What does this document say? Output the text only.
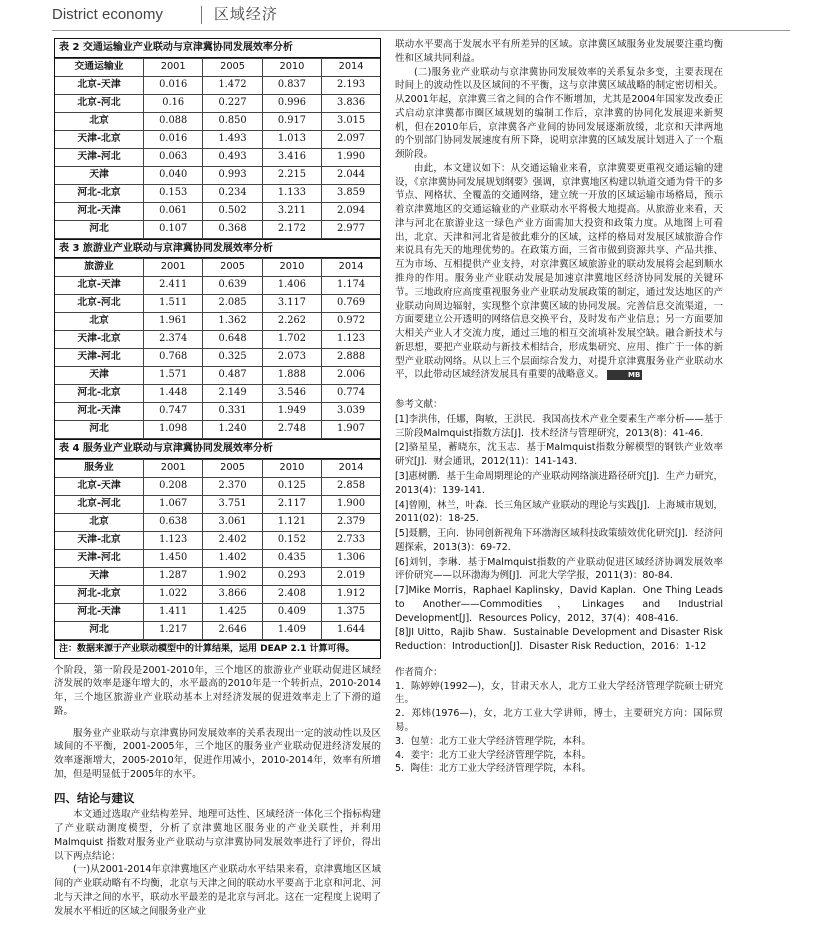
District economy	区域经济
表 2 交通运输业产业联动与京津冀协同发展效率分析
交通运输业	2001	2005	2010	2014
北京-天津	0.016	1.472	0.837	2.193
北京-河北	0.16	0.227	0.996	3.836
北京	0.088	0.850	0.917	3.015
天津-北京	0.016	1.493	1.013	2.097
天津-河北	0.063	0.493	3.416	1.990
天津	0.040	0.993	2.215	2.044
河北-北京	0.153	0.234	1.133	3.859
河北-天津	0.061	0.502	3.211	2.094
河北	0.107	0.368	2.172	2.977
表 3 旅游业产业联动与京津冀协同发展效率分析
旅游业	2001	2005	2010	2014
北京-天津	2.411	0.639	1.406	1.174
北京-河北	1.511	2.085	3.117	0.769
北京	1.961	1.362	2.262	0.972
天津-北京	2.374	0.648	1.702	1.123
天津-河北	0.768	0.325	2.073	2.888
天津	1.571	0.487	1.888	2.006
河北-北京	1.448	2.149	3.546	0.774
河北-天津	0.747	0.331	1.949	3.039
河北	1.098	1.240	2.748	1.907
表 4 服务业产业联动与京津冀协同发展效率分析
服务业	2001	2005	2010	2014
北京-天津	0.208	2.370	0.125	2.858
北京-河北	1.067	3.751	2.117	1.900
北京	0.638	3.061	1.121	2.379
天津-北京	1.123	2.402	0.152	2.733
天津-河北	1.450	1.402	0.435	1.306
天津	1.287	1.902	0.293	2.019
河北-北京	1.022	3.866	2.408	1.912
河北-天津	1.411	1.425	0.409	1.375
河北	1.217	2.646	1.409	1.644
注：数据来源于产业联动模型中的计算结果，运用 DEAP 2.1 计算可得。

个阶段，第一阶段是2001-2010年，三个地区的旅游业产业联动促进区域经济发展的效率是逐年增大的，水平最高的2010年是一个转折点，2010-2014年，三个地区旅游业产业联动基本上对经济发展的促进效率走上了下滑的道路。

服务业产业联动与京津冀协同发展效率的关系表现出一定的波动性以及区域间的不平衡，2001-2005年，三个地区的服务业产业联动促进经济发展的效率逐渐增大，2005-2010年，促进作用减小，2010-2014年，效率有所增加，但是明显低于2005年的水平。

四、结论与建议

本文通过选取产业结构差异、地理可达性、区域经济一体化三个指标构建了产业联动测度模型，分析了京津冀地区服务业的产业关联性，并利用Malmquist 指数对服务业产业联动与京津冀协同发展效率进行了评价，得出以下两点结论：

(一)从2001-2014年京津冀地区产业联动水平结果来看，京津冀地区区域间的产业联动略有不均衡，北京与天津之间的联动水平要高于北京和河北、河北与天津之间的水平，联动水平最差的是北京与河北。这在一定程度上说明了发展水平相近的区域之间服务业产业

联动水平要高于发展水平有所差异的区域。京津冀区域服务业发展要注重均衡性和区域共同利益。

(二)服务业产业联动与京津冀协同发展效率的关系复杂多变，主要表现在时间上的波动性以及区域间的不平衡，这与京津冀区域战略的制定密切相关。从2001年起，京津冀三省之间的合作不断增加，尤其是2004年国家发改委正式启动京津冀都市圈区域规划的编制工作后，京津冀的协同化发展迎来新契机，但在2010年后，京津冀各产业间的协同发展逐渐放缓，北京和天津两地的个别部门协同发展速度有所下降，说明京津冀的区域发展计划进入了一个瓶颈阶段。

由此，本文建议如下：从交通运输业来看，京津冀要更重视交通运输的建设，《京津冀协同发展规划纲要》强调，京津冀地区构建以轨道交通为骨干的多节点、网格状、全覆盖的交通网络，建立统一开放的区域运输市场格局，预示着京津冀地区的交通运输业的产业联动水平将极大地提高。从旅游业来看，天津与河北在旅游业这一绿色产业方面需加大投资和政策力度。从地图上可看出，北京、天津和河北省是彼此难分的区域，这样的格局对发展区域旅游合作来说具有先天的地理优势的。在政策方面，三省市做到资源共享、产品共推、互为市场、互相提供产业支持，对京津冀区域旅游业的联动发展将会起到顺水推舟的作用。服务业产业联动发展是加速京津冀地区经济协同发展的关键环节。三地政府应高度重视服务业产业联动发展政策的制定，通过发达地区的产业联动向周边辐射，实现整个京津冀区域的协同发展。完善信息交流渠道，一方面要建立公开透明的网络信息交换平台，及时发布产业信息；另一方面要加大相关产业人才交流力度，通过三地的相互交流填补发展空缺。融合新技术与新思想，要把产业联动与新技术相结合，形成集研究、应用、推广于一体的新型产业联动网络。从以上三个层面综合发力，对提升京津冀服务业产业联动水平，以此带动区域经济发展具有重要的战略意义。	MB

参考文献：

[1]李洪伟，任娜，陶敏，王洪民．我国高技术产业全要素生产率分析——基于三阶段Malmquist指数方法[J]．技术经济与管理研究，2013(8)：41-46．

[2]骆星星，蓄晓东，沈玉志．基于Malmquist指数分解模型的钢铁产业效率研究[J]．财会通讯，2012(11)：141-143．

[3]惠树鹏．基于生命周期理论的产业联动网络演进路径研究[J]．生产力研究，2013(4)：139-141．

[4]曾刚，林兰，叶森．长三角区域产业联动的理论与实践[J]．上海城市规划，2011(02)：18-25．

[5]聂鹏，王向．协同创新视角下环渤海区域科技政策绩效优化研究[J]．经济问题探索，2013(3)：69-72．

[6]刘钊，李琳．基于Malmquist指数的产业联动促进区域经济协调发展效率评价研究——以环渤海为例[J]．河北大学学报，2011(3)：80-84．

[7]Mike Morris，Raphael Kaplinsky，David Kaplan．One Thing Leads to Another——Commodities，Linkages and Industrial Development[J]．Resources Policy，2012，37(4)：408-416．

[8]JI Uitto，Rajib Shaw．Sustainable Development and Disaster Risk Reduction：Introduction[J]．Disaster Risk Reduction，2016：1-12

作者简介：

1．陈婷婷(1992—)，女，甘肃天水人，北方工业大学经济管理学院硕士研究生。

2．郑炜(1976—)，女，北方工业大学讲师，博士，主要研究方向：国际贸易。

3．包堃：北方工业大学经济管理学院，本科。

4．姜宇：北方工业大学经济管理学院，本科。

5．陶佳：北方工业大学经济管理学院，本科。
